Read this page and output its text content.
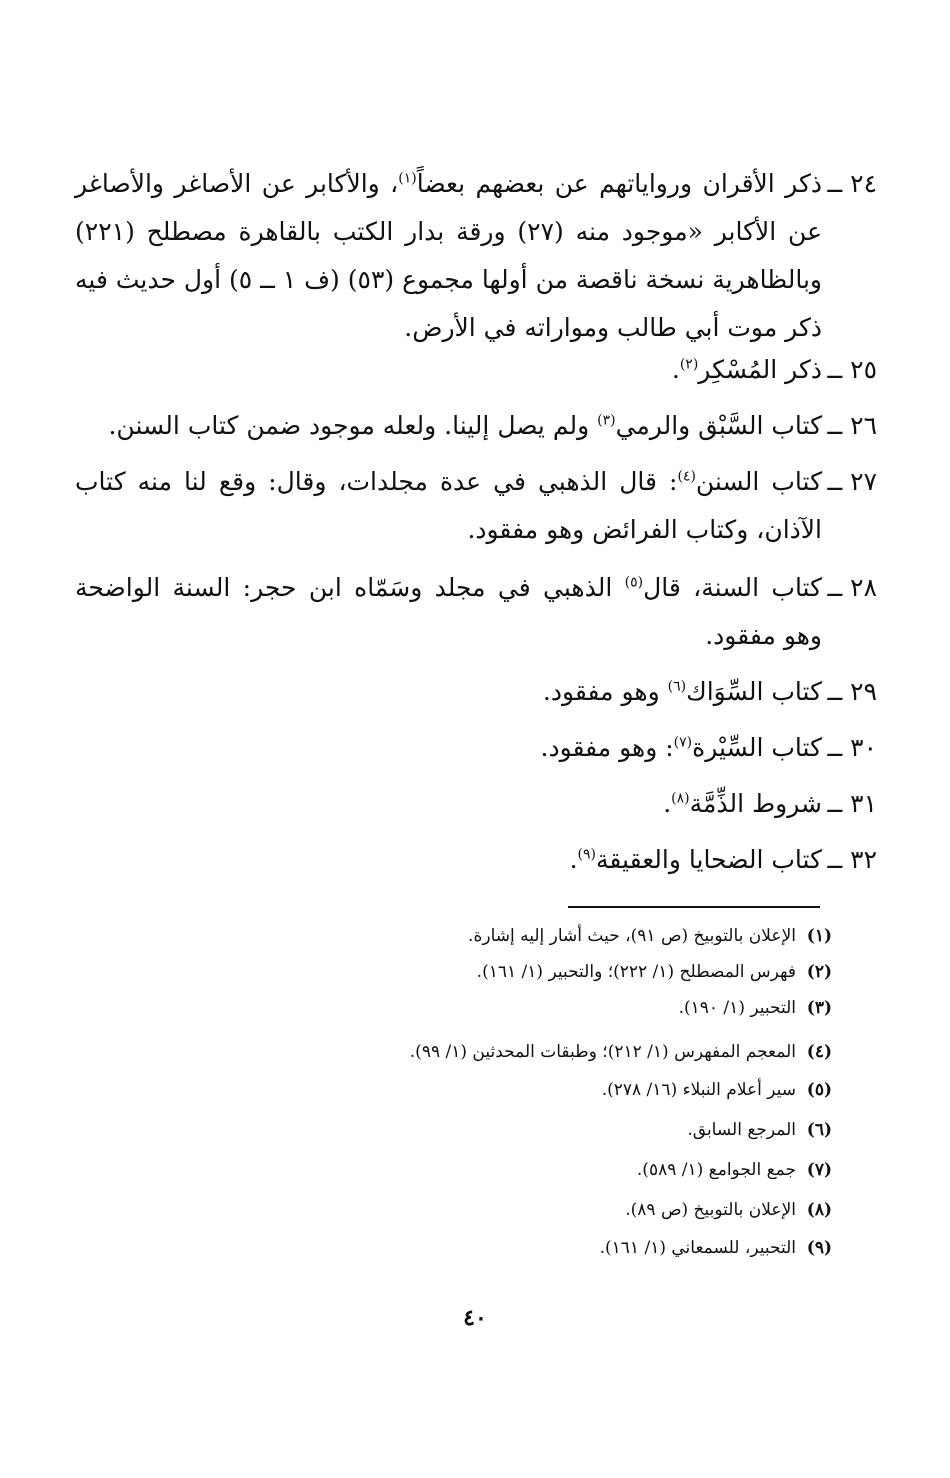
٢٤ ــ
ذكر الأقران ورواياتهم عن بعضهم بعضاً$^{(١)}$، والأكابر عن الأصاغر والأصاغر عن الأكابر «موجود منه (٢٧) ورقة بدار الكتب بالقاهرة مصطلح (٢٢١) وبالظاهرية نسخة ناقصة من أولها مجموع (٥٣) (ف ١ ــ ٥) أول حديث فيه ذكر موت أبي طالب ومواراته في الأرض.
٢٥ ــ
ذكر المُسْكِر$^{(٢)}$.
٢٦ ــ
كتاب السَّبْق والرمي$^{(٣)}$ ولم يصل إلينا. ولعله موجود ضمن كتاب السنن.
٢٧ ــ
كتاب السنن$^{(٤)}$: قال الذهبي في عدة مجلدات، وقال: وقع لنا منه كتاب الآذان، وكتاب الفرائض وهو مفقود.
٢٨ ــ
كتاب السنة، قال$^{(٥)}$ الذهبي في مجلد وسَمّاه ابن حجر: السنة الواضحة وهو مفقود.
٢٩ ــ
كتاب السِّوَاك$^{(٦)}$ وهو مفقود.
٣٠ ــ
كتاب السِّيْرة$^{(٧)}$: وهو مفقود.
٣١ ــ
شروط الذِّمَّة$^{(٨)}$.
٣٢ ــ
كتاب الضحايا والعقيقة$^{(٩)}$.
(١)الإعلان بالتوبيخ (ص ٩١)، حيث أشار إليه إشارة.
(٢)فهرس المصطلح (١/ ٢٢٢)؛ والتحبير (١/ ١٦١).
(٣)التحبير (١/ ١٩٠).
(٤)المعجم المفهرس (١/ ٢١٢)؛ وطبقات المحدثين (١/ ٩٩).
(٥)سير أعلام النبلاء (١٦/ ٢٧٨).
(٦)المرجع السابق.
(٧)جمع الجوامع (١/ ٥٨٩).
(٨)الإعلان بالتوبيخ (ص ٨٩).
(٩)التحبير، للسمعاني (١/ ١٦١).
٤٠
